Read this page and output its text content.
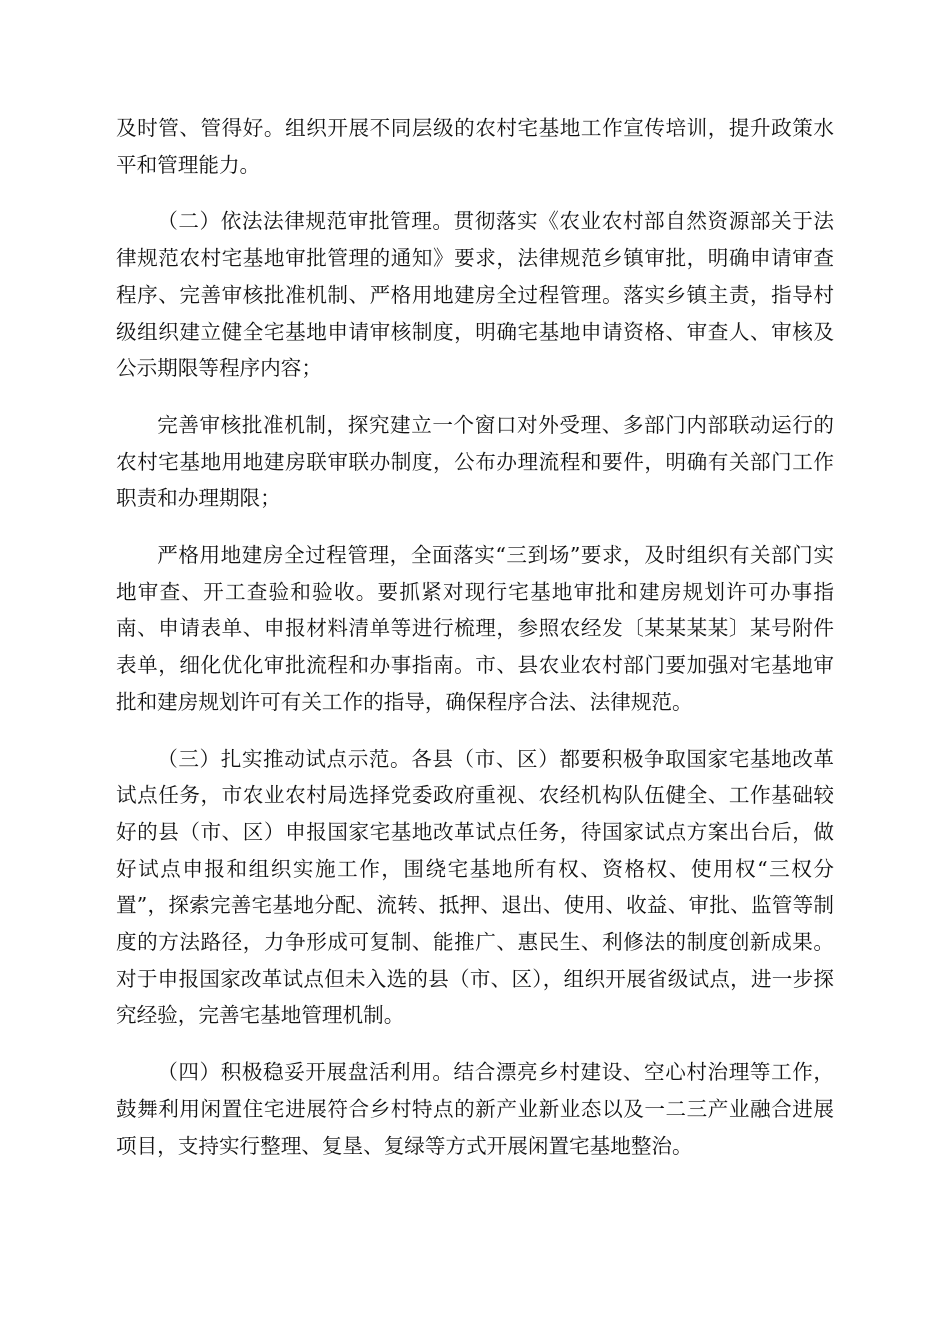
及时管、管得好。组织开展不同层级的农村宅基地工作宣传培训，提升政策水平和管理能力。

（二）依法法律规范审批管理。贯彻落实《农业农村部自然资源部关于法律规范农村宅基地审批管理的通知》要求，法律规范乡镇审批，明确申请审查程序、完善审核批准机制、严格用地建房全过程管理。落实乡镇主责，指导村级组织建立健全宅基地申请审核制度，明确宅基地申请资格、审查人、审核及公示期限等程序内容；

完善审核批准机制，探究建立一个窗口对外受理、多部门内部联动运行的农村宅基地用地建房联审联办制度，公布办理流程和要件，明确有关部门工作职责和办理期限；

严格用地建房全过程管理，全面落实“三到场”要求，及时组织有关部门实地审查、开工查验和验收。要抓紧对现行宅基地审批和建房规划许可办事指南、申请表单、申报材料清单等进行梳理，参照农经发〔某某某某〕某号附件表单，细化优化审批流程和办事指南。市、县农业农村部门要加强对宅基地审批和建房规划许可有关工作的指导，确保程序合法、法律规范。

（三）扎实推动试点示范。各县（市、区）都要积极争取国家宅基地改革试点任务，市农业农村局选择党委政府重视、农经机构队伍健全、工作基础较好的县（市、区）申报国家宅基地改革试点任务，待国家试点方案出台后，做好试点申报和组织实施工作，围绕宅基地所有权、资格权、使用权“三权分置”，探索完善宅基地分配、流转、抵押、退出、使用、收益、审批、监管等制度的方法路径，力争形成可复制、能推广、惠民生、利修法的制度创新成果。对于申报国家改革试点但未入选的县（市、区），组织开展省级试点，进一步探究经验，完善宅基地管理机制。

（四）积极稳妥开展盘活利用。结合漂亮乡村建设、空心村治理等工作，鼓舞利用闲置住宅进展符合乡村特点的新产业新业态以及一二三产业融合进展项目，支持实行整理、复垦、复绿等方式开展闲置宅基地整治。
